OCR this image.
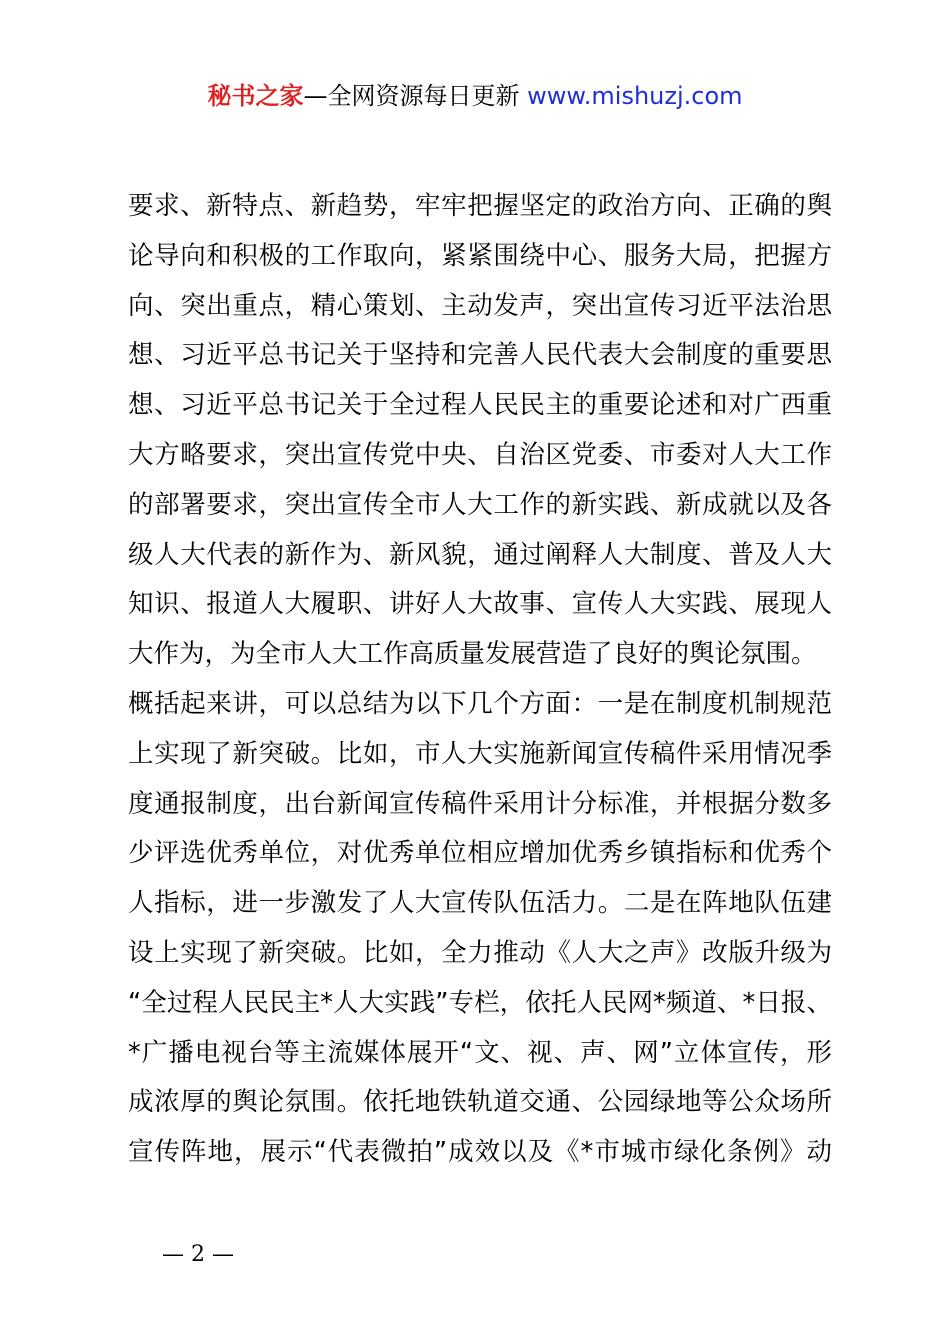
秘书之家—全网资源每日更新 www.mishuzj.com
要求、新特点、新趋势，牢牢把握坚定的政治方向、正确的舆
论导向和积极的工作取向，紧紧围绕中心、服务大局，把握方
向、突出重点，精心策划、主动发声，突出宣传习近平法治思
想、习近平总书记关于坚持和完善人民代表大会制度的重要思
想、习近平总书记关于全过程人民民主的重要论述和对广西重
大方略要求，突出宣传党中央、自治区党委、市委对人大工作
的部署要求，突出宣传全市人大工作的新实践、新成就以及各
级人大代表的新作为、新风貌，通过阐释人大制度、普及人大
知识、报道人大履职、讲好人大故事、宣传人大实践、展现人
大作为，为全市人大工作高质量发展营造了良好的舆论氛围。
概括起来讲，可以总结为以下几个方面：一是在制度机制规范
上实现了新突破。比如，市人大实施新闻宣传稿件采用情况季
度通报制度，出台新闻宣传稿件采用计分标准，并根据分数多
少评选优秀单位，对优秀单位相应增加优秀乡镇指标和优秀个
人指标，进一步激发了人大宣传队伍活力。二是在阵地队伍建
设上实现了新突破。比如，全力推动《人大之声》改版升级为
“全过程人民民主*人大实践”专栏，依托人民网*频道、*日报、
*广播电视台等主流媒体展开“文、视、声、网”立体宣传，形
成浓厚的舆论氛围。依托地铁轨道交通、公园绿地等公众场所
宣传阵地，展示“代表微拍”成效以及《*市城市绿化条例》动
— 2 —
